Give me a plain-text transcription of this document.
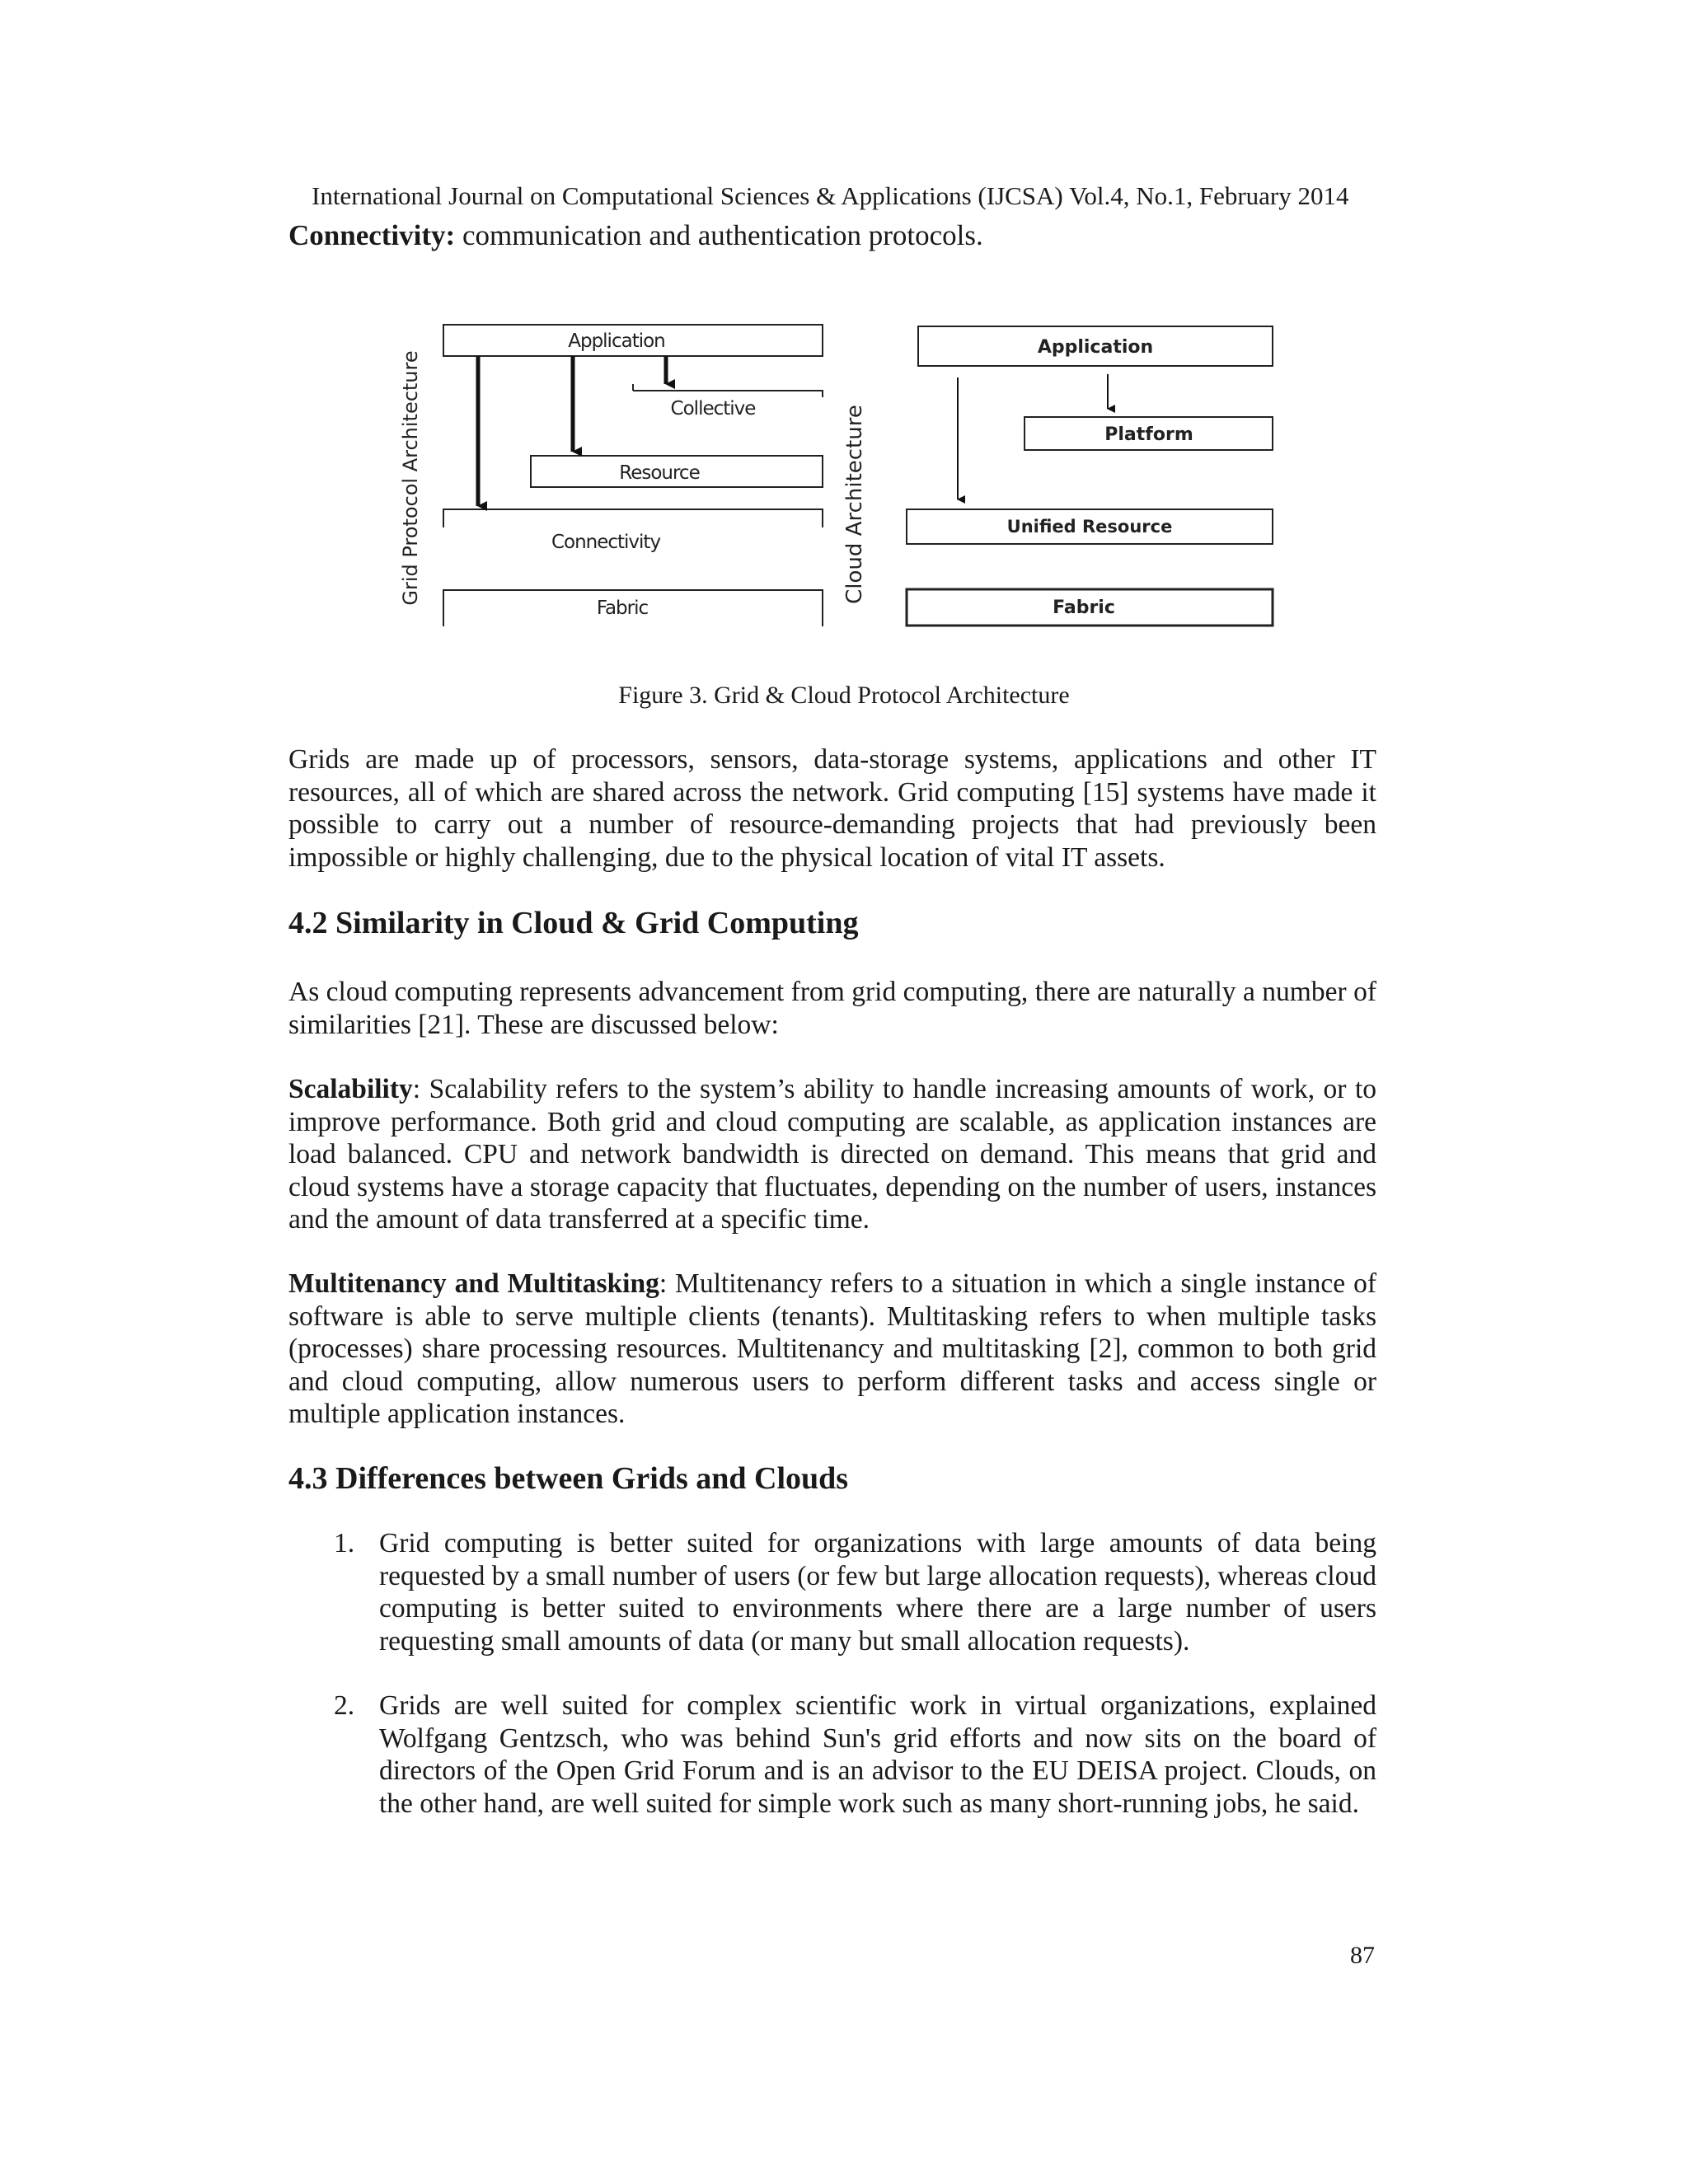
International Journal on Computational Sciences & Applications (IJCSA) Vol.4, No.1, February 2014
Connectivity: communication and authentication protocols.
Grid Protocol Architecture
Application
Collective
Resource
Connectivity
Fabric
Cloud Architecture
Application
Platform
Unified Resource
Fabric
Figure 3. Grid & Cloud Protocol Architecture
Grids are made up of processors, sensors, data-storage systems, applications and other IT resources, all of which are shared across the network. Grid computing [15] systems have made it possible to carry out a number of resource-demanding projects that had previously been impossible or highly challenging, due to the physical location of vital IT assets.
4.2 Similarity in Cloud & Grid Computing
As cloud computing represents advancement from grid computing, there are naturally a number of similarities [21]. These are discussed below:
Scalability: Scalability refers to the system’s ability to handle increasing amounts of work, or to improve performance. Both grid and cloud computing are scalable, as application instances are load balanced. CPU and network bandwidth is directed on demand. This means that grid and cloud systems have a storage capacity that fluctuates, depending on the number of users, instances and the amount of data transferred at a specific time.
Multitenancy and Multitasking: Multitenancy refers to a situation in which a single instance of software is able to serve multiple clients (tenants). Multitasking refers to when multiple tasks (processes) share processing resources. Multitenancy and multitasking [2], common to both grid and cloud computing, allow numerous users to perform different tasks and access single or multiple application instances.
4.3 Differences between Grids and Clouds
1. Grid computing is better suited for organizations with large amounts of data being requested by a small number of users (or few but large allocation requests), whereas cloud computing is better suited to environments where there are a large number of users requesting small amounts of data (or many but small allocation requests).
2. Grids are well suited for complex scientific work in virtual organizations, explained Wolfgang Gentzsch, who was behind Sun's grid efforts and now sits on the board of directors of the Open Grid Forum and is an advisor to the EU DEISA project. Clouds, on the other hand, are well suited for simple work such as many short-running jobs, he said.
87
